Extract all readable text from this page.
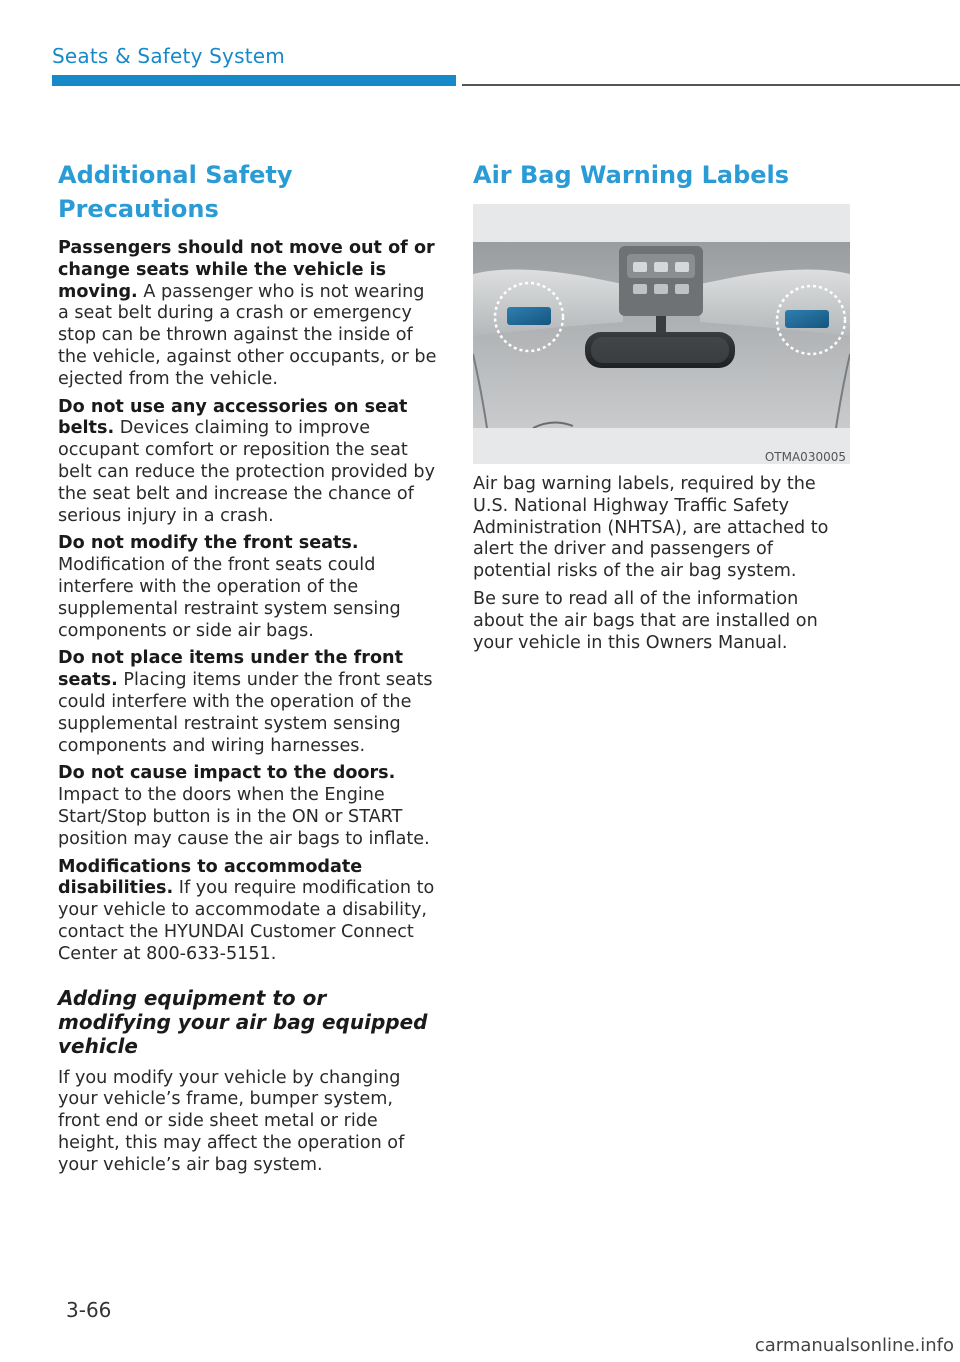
Seats & Safety System
Additional Safety Precautions

Passengers should not move out of or change seats while the vehicle is moving. A passenger who is not wearing a seat belt during a crash or emergency stop can be thrown against the inside of the vehicle, against other occupants, or be ejected from the vehicle.

Do not use any accessories on seat belts. Devices claiming to improve occupant comfort or reposition the seat belt can reduce the protection provided by the seat belt and increase the chance of serious injury in a crash.

Do not modify the front seats. Modification of the front seats could interfere with the operation of the supplemental restraint system sensing components or side air bags.

Do not place items under the front seats. Placing items under the front seats could interfere with the operation of the supplemental restraint system sensing components and wiring harnesses.

Do not cause impact to the doors. Impact to the doors when the Engine Start/Stop button is in the ON or START position may cause the air bags to inflate.

Modifications to accommodate disabilities. If you require modification to your vehicle to accommodate a disability, contact the HYUNDAI Customer Connect Center at 800-633-5151.

Adding equipment to or modifying your air bag equipped vehicle

If you modify your vehicle by changing your vehicle’s frame, bumper system, front end or side sheet metal or ride height, this may affect the operation of your vehicle’s air bag system.

Air Bag Warning Labels
OTMA030005

Air bag warning labels, required by the U.S. National Highway Traffic Safety Administration (NHTSA), are attached to alert the driver and passengers of potential risks of the air bag system.

Be sure to read all of the information about the air bags that are installed on your vehicle in this Owners Manual.

3-66
carmanualsonline.info
